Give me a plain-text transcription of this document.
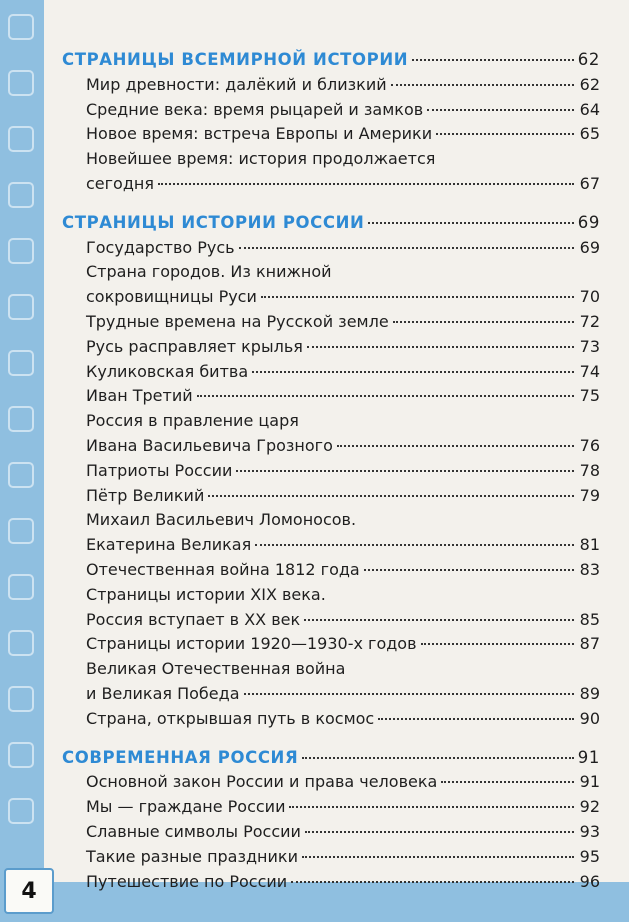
4
СТРАНИЦЫ ВСЕМИРНОЙ ИСТОРИИ	62
Мир древности: далёкий и близкий	62
Средние века: время рыцарей и замков	64
Новое время: встреча Европы и Америки	65
Новейшее время: история продолжается
сегодня	67
СТРАНИЦЫ ИСТОРИИ РОССИИ	69
Государство Русь	69
Страна городов. Из книжной
сокровищницы Руси	70
Трудные времена на Русской земле	72
Русь расправляет крылья	73
Куликовская битва	74
Иван Третий	75
Россия в правление царя
Ивана Васильевича Грозного	76
Патриоты России	78
Пётр Великий	79
Михаил Васильевич Ломоносов.
Екатерина Великая	81
Отечественная война 1812 года	83
Страницы истории XIX века.
Россия вступает в XX век	85
Страницы истории 1920—1930-х годов	87
Великая Отечественная война
и Великая Победа	89
Страна, открывшая путь в космос	90
СОВРЕМЕННАЯ РОССИЯ	91
Основной закон России и права человека	91
Мы — граждане России	92
Славные символы России	93
Такие разные праздники	95
Путешествие по России	96
